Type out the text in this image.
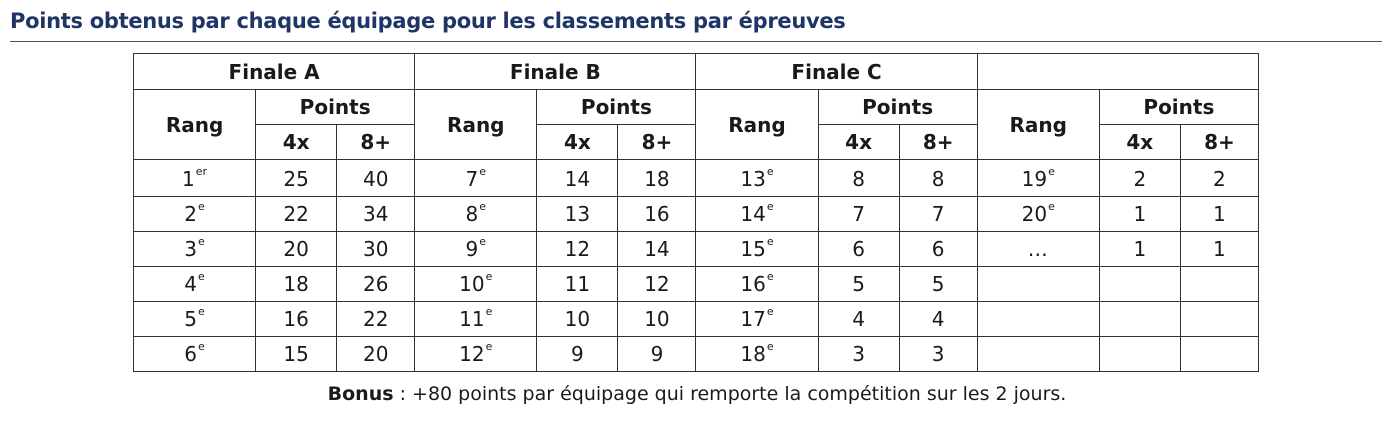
Points obtenus par chaque équipage pour les classements par épreuves
Finale A			Finale B			Finale C					
Rang	Points		Rang	Points		Rang	Points		Rang	Points	
	4x	8+		4x	8+		4x	8+		4x	8+
1er	25	40	7e	14	18	13e	8	8	19e	2	2
2e	22	34	8e	13	16	14e	7	7	20e	1	1
3e	20	30	9e	12	14	15e	6	6	…	1	1
4e	18	26	10e	11	12	16e	5	5			
5e	16	22	11e	10	10	17e	4	4			
6e	15	20	12e	9	9	18e	3	3			
Bonus : +80 points par équipage qui remporte la compétition sur les 2 jours.
